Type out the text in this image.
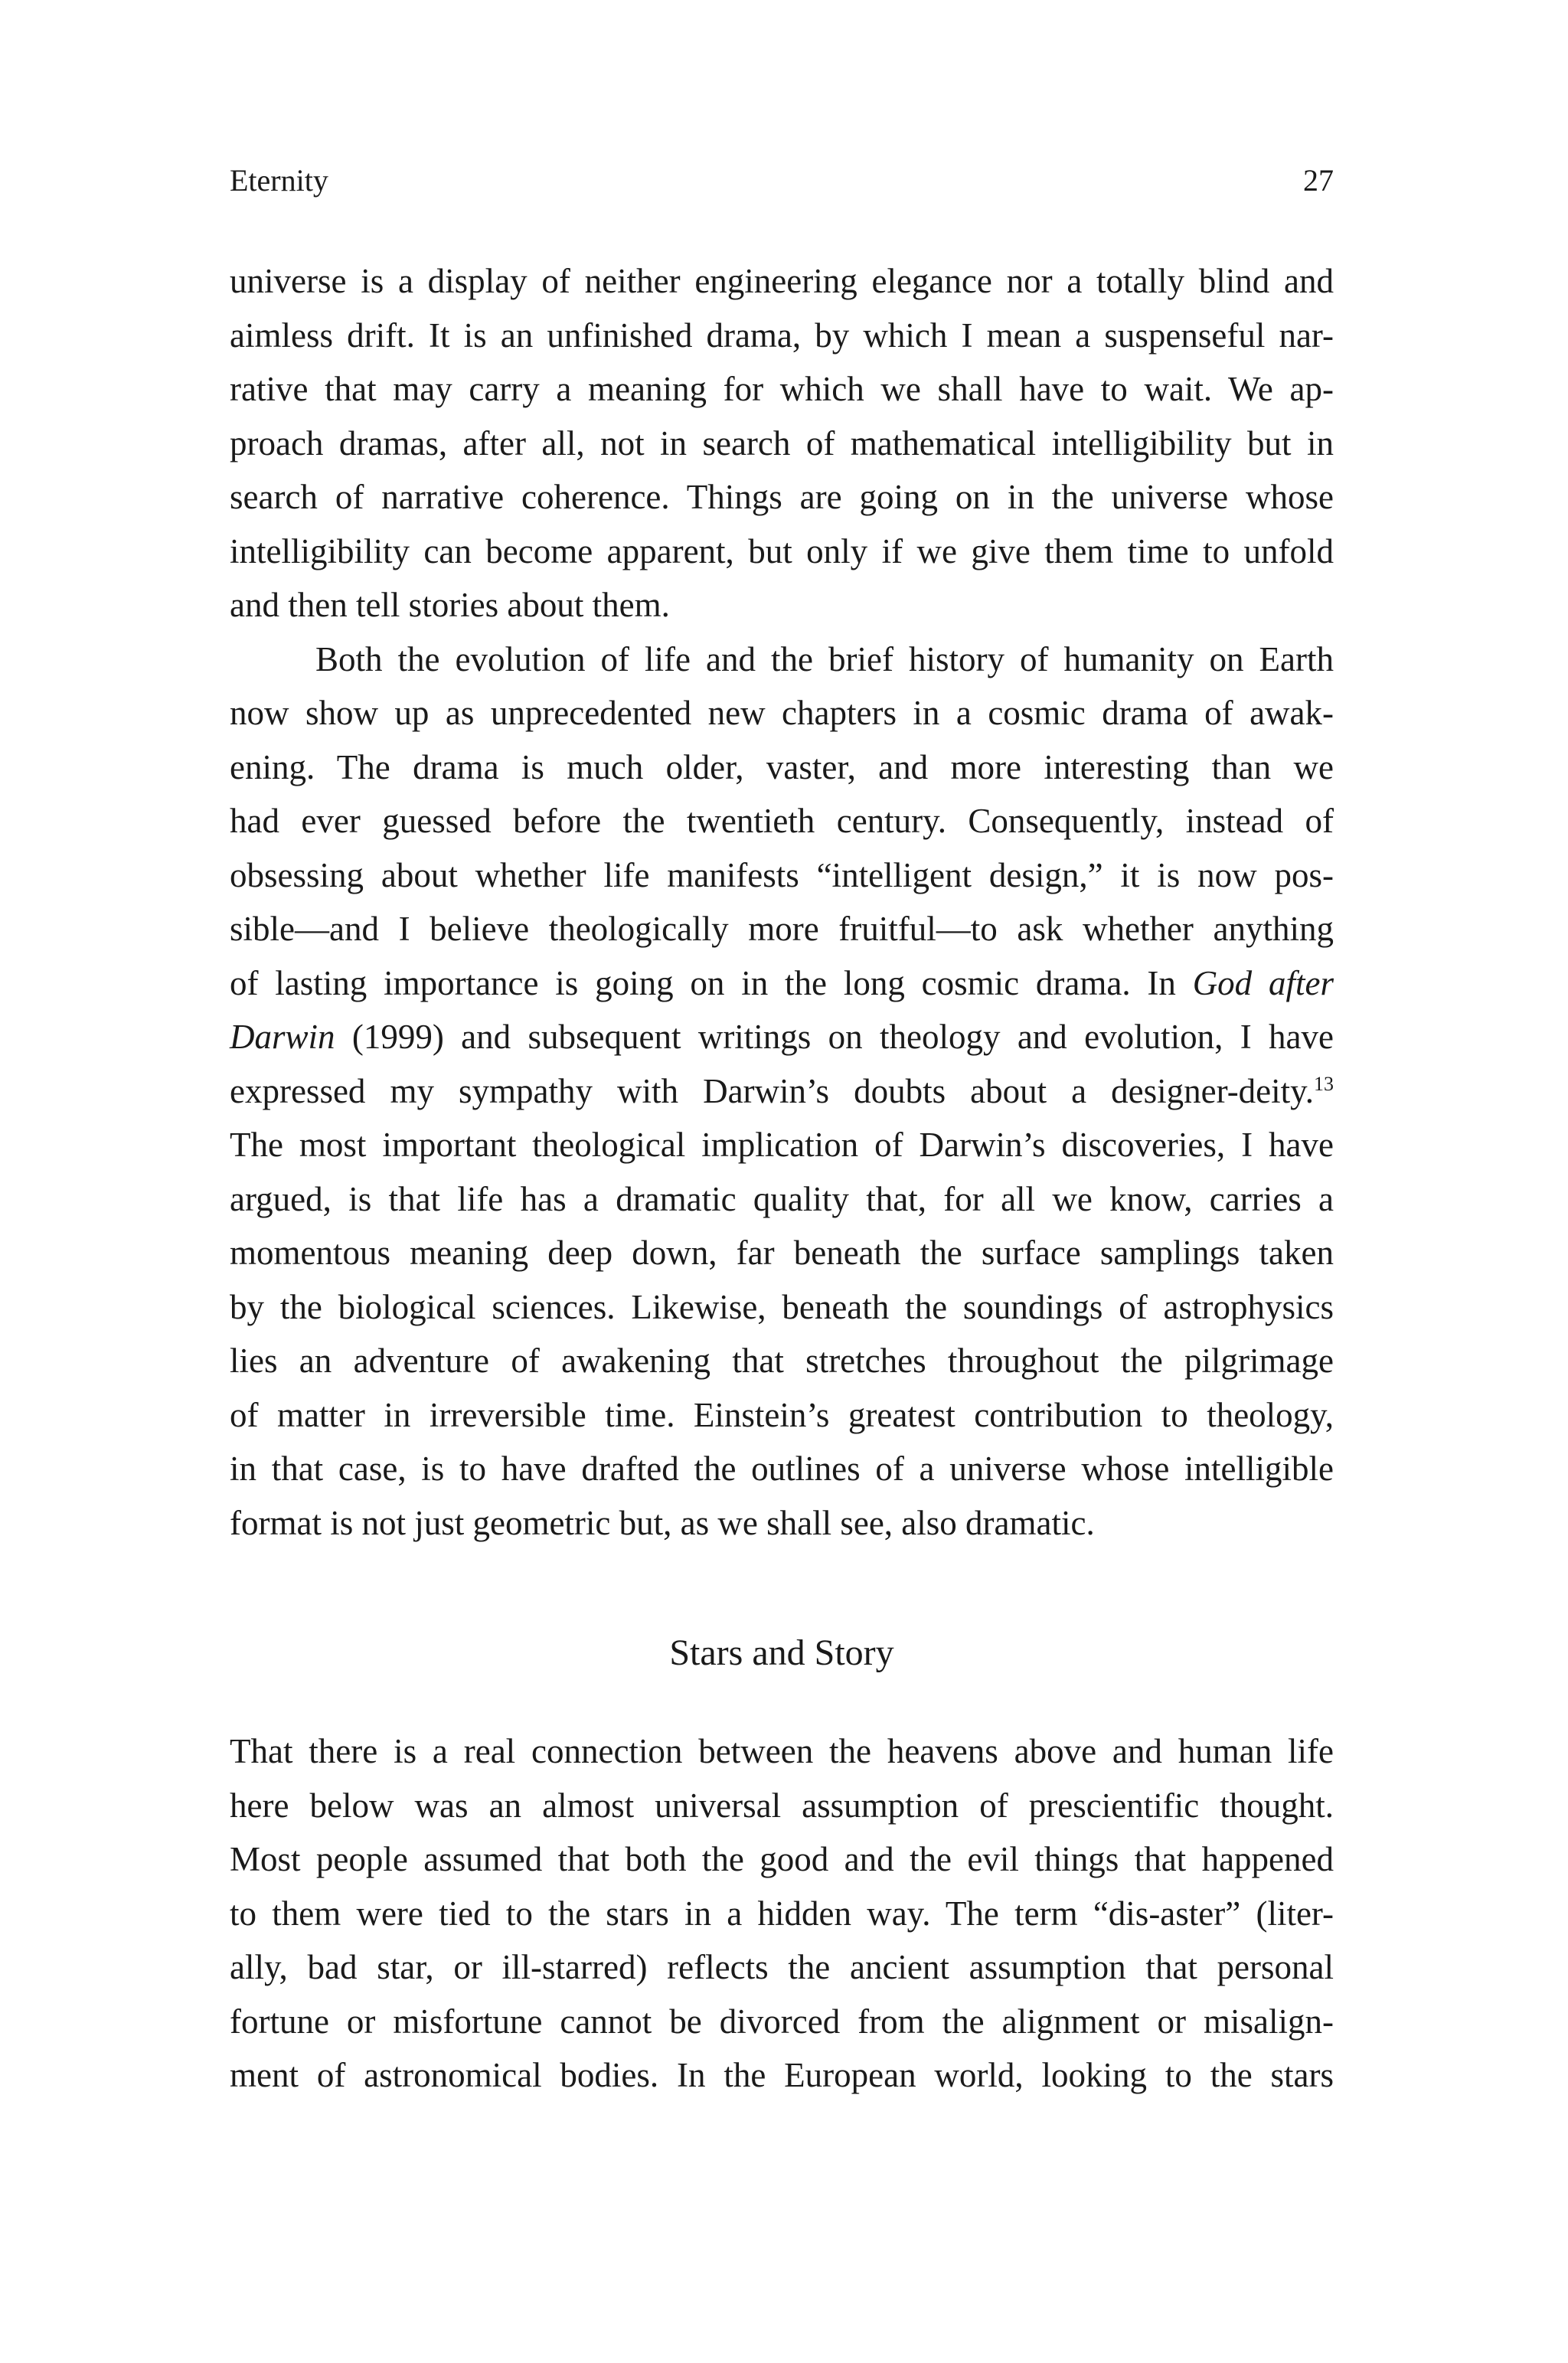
Eternity	27

universe is a display of neither engineering elegance nor a totally blind and
aimless drift. It is an unfinished drama, by which I mean a suspenseful nar-
rative that may carry a meaning for which we shall have to wait. We ap-
proach dramas, after all, not in search of mathematical intelligibility but in
search of narrative coherence. Things are going on in the universe whose
intelligibility can become apparent, but only if we give them time to unfold
and then tell stories about them.

Both the evolution of life and the brief history of humanity on Earth
now show up as unprecedented new chapters in a cosmic drama of awak-
ening. The drama is much older, vaster, and more interesting than we
had ever guessed before the twentieth century. Consequently, instead of
obsessing about whether life manifests “intelligent design,” it is now pos-
sible—and I believe theologically more fruitful—to ask whether anything
of lasting importance is going on in the long cosmic drama. In God after
Darwin (1999) and subsequent writings on theology and evolution, I have
expressed my sympathy with Darwin’s doubts about a designer-deity.$^{13}$
The most important theological implication of Darwin’s discoveries, I have
argued, is that life has a dramatic quality that, for all we know, carries a
momentous meaning deep down, far beneath the surface samplings taken
by the biological sciences. Likewise, beneath the soundings of astrophysics
lies an adventure of awakening that stretches throughout the pilgrimage
of matter in irreversible time. Einstein’s greatest contribution to theology,
in that case, is to have drafted the outlines of a universe whose intelligible
format is not just geometric but, as we shall see, also dramatic.

Stars and Story

That there is a real connection between the heavens above and human life
here below was an almost universal assumption of prescientific thought.
Most people assumed that both the good and the evil things that happened
to them were tied to the stars in a hidden way. The term “dis-aster” (liter-
ally, bad star, or ill-starred) reflects the ancient assumption that personal
fortune or misfortune cannot be divorced from the alignment or misalign-
ment of astronomical bodies. In the European world, looking to the stars
